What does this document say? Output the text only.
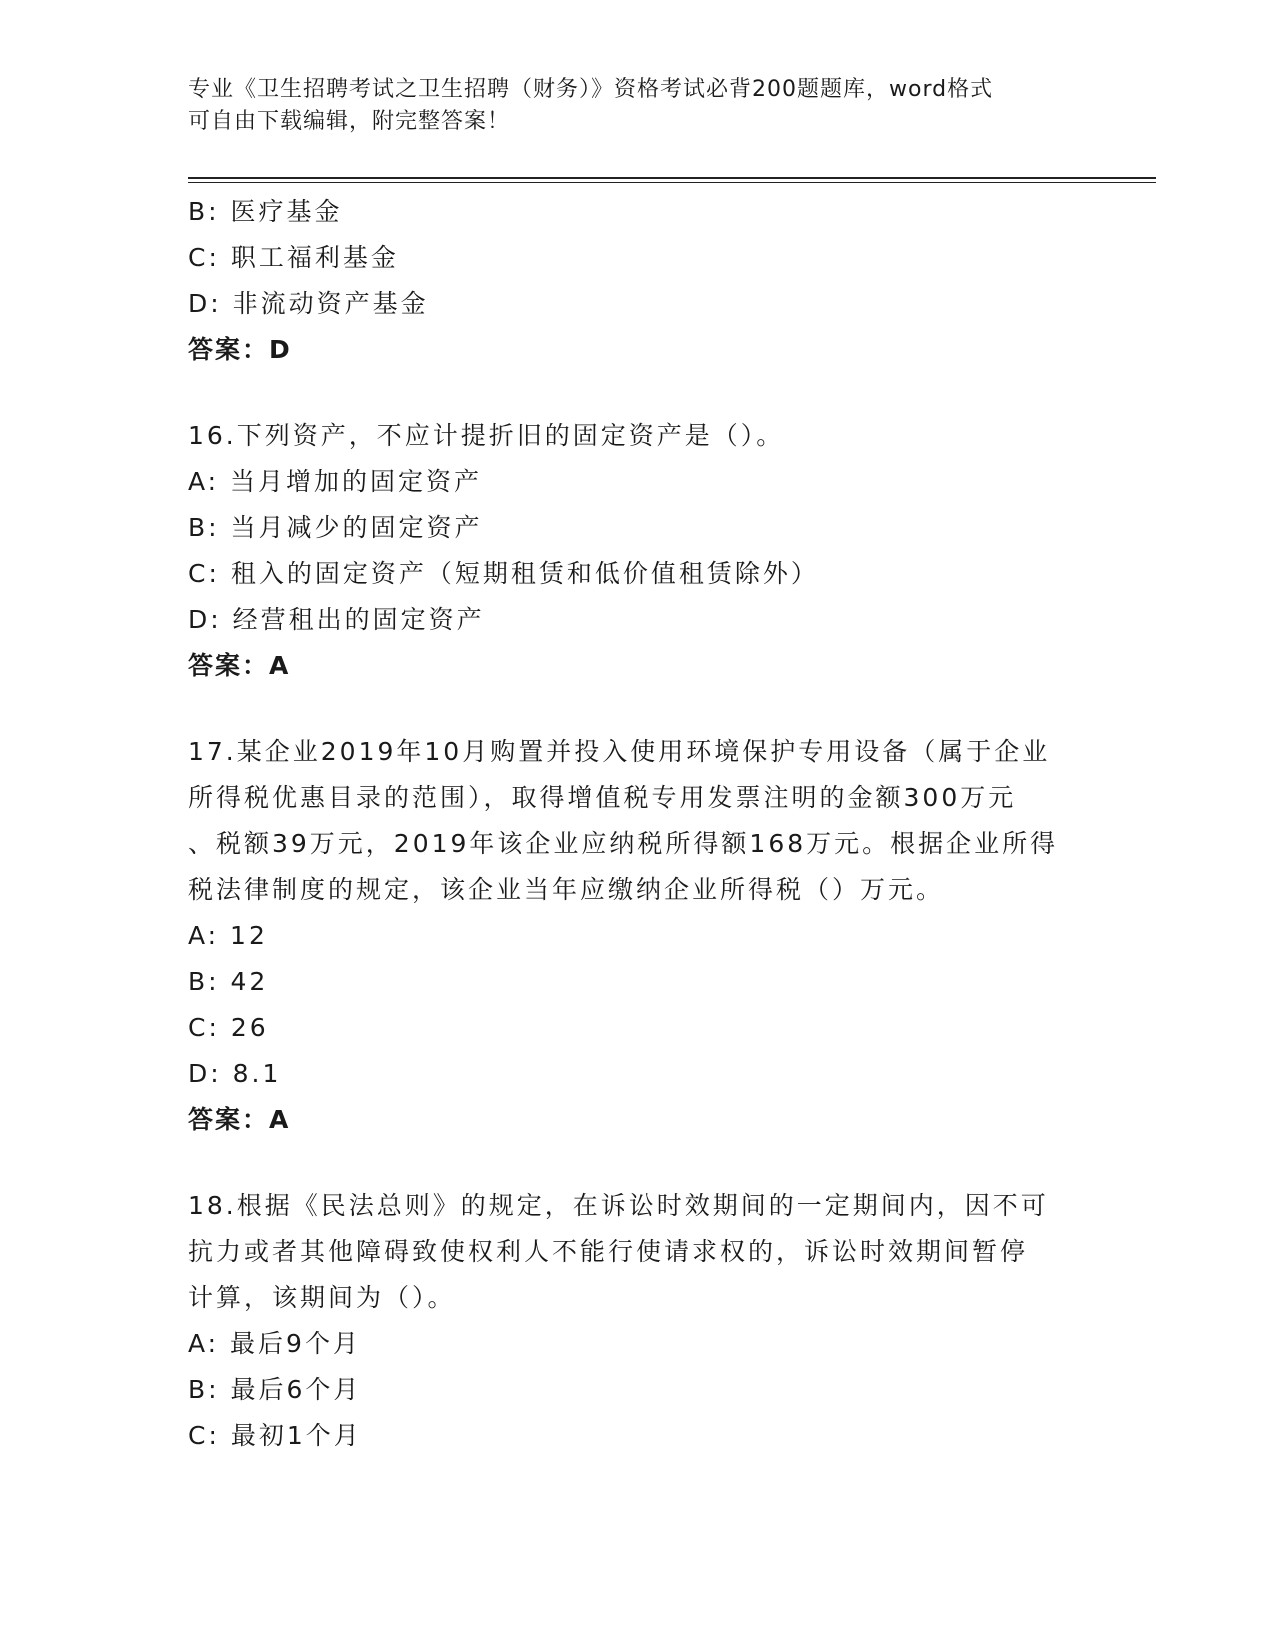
专业《卫生招聘考试之卫生招聘（财务）》资格考试必背200题题库，word格式
可自由下载编辑，附完整答案！
B: 医疗基金
C: 职工福利基金
D: 非流动资产基金
答案：D
16.下列资产，不应计提折旧的固定资产是（）。
A: 当月增加的固定资产
B: 当月减少的固定资产
C: 租入的固定资产（短期租赁和低价值租赁除外）
D: 经营租出的固定资产
答案：A
17.某企业2019年10月购置并投入使用环境保护专用设备（属于企业
所得税优惠目录的范围），取得增值税专用发票注明的金额300万元
、税额39万元，2019年该企业应纳税所得额168万元。根据企业所得
税法律制度的规定，该企业当年应缴纳企业所得税（）万元。
A: 12
B: 42
C: 26
D: 8.1
答案：A
18.根据《民法总则》的规定，在诉讼时效期间的一定期间内，因不可
抗力或者其他障碍致使权利人不能行使请求权的，诉讼时效期间暂停
计算，该期间为（）。
A: 最后9个月
B: 最后6个月
C: 最初1个月
